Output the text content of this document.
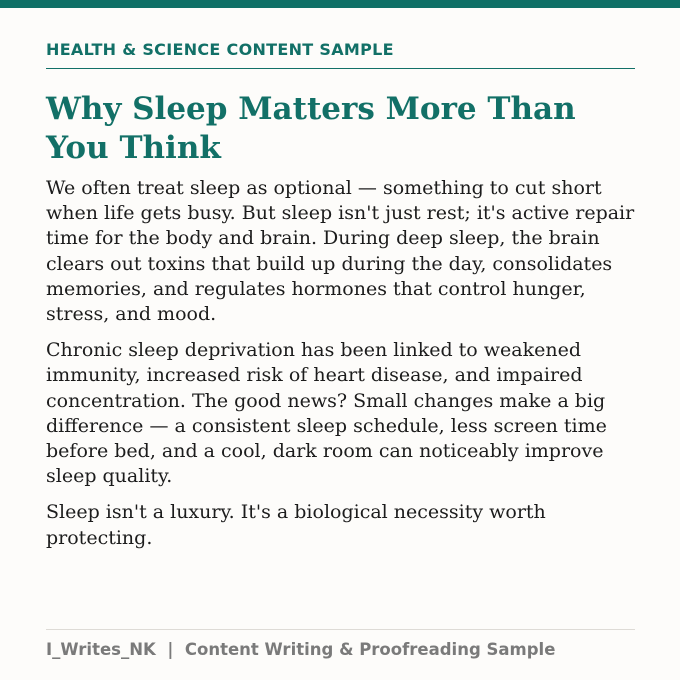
HEALTH & SCIENCE CONTENT SAMPLE
Why Sleep Matters More Than You Think

We often treat sleep as optional — something to cut short when life gets busy. But sleep isn't just rest; it's active repair time for the body and brain. During deep sleep, the brain clears out toxins that build up during the day, consolidates memories, and regulates hormones that control hunger, stress, and mood.

Chronic sleep deprivation has been linked to weakened immunity, increased risk of heart disease, and impaired concentration. The good news? Small changes make a big difference — a consistent sleep schedule, less screen time before bed, and a cool, dark room can noticeably improve sleep quality.

Sleep isn't a luxury. It's a biological necessity worth protecting.

I_Writes_NK | Content Writing & Proofreading Sample
